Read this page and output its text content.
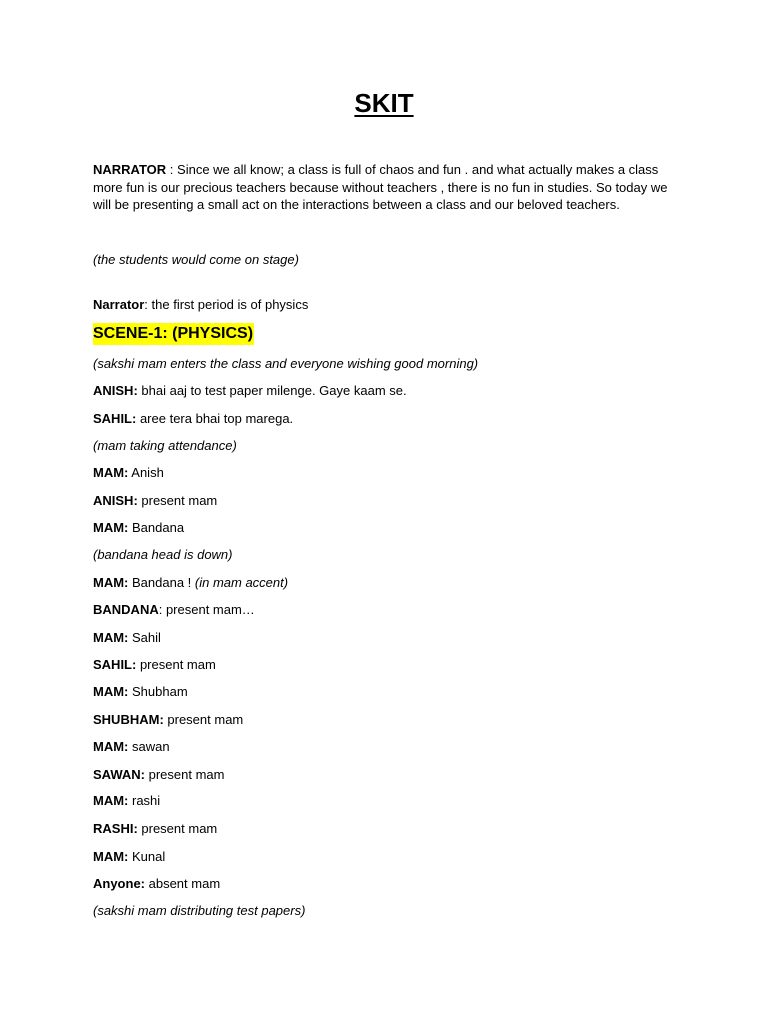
SKIT
NARRATOR : Since we all know; a class is full of chaos and fun . and what actually makes a class more fun is our precious teachers because without teachers , there is no fun in studies. So today we will be presenting a small act on the interactions between a class and our beloved teachers.
(the students would come on stage)
Narrator: the first period is of physics
SCENE-1: (PHYSICS)
(sakshi mam enters the class and everyone wishing good morning)
ANISH: bhai aaj to test paper milenge. Gaye kaam se.
SAHIL: aree tera bhai top marega.
(mam taking attendance)
MAM: Anish
ANISH: present mam
MAM: Bandana
(bandana head is down)
MAM: Bandana ! (in mam accent)
BANDANA: present mam…
MAM: Sahil
SAHIL: present mam
MAM: Shubham
SHUBHAM: present mam
MAM: sawan
SAWAN: present mam
MAM: rashi
RASHI: present mam
MAM: Kunal
Anyone: absent mam
(sakshi mam distributing test papers)
